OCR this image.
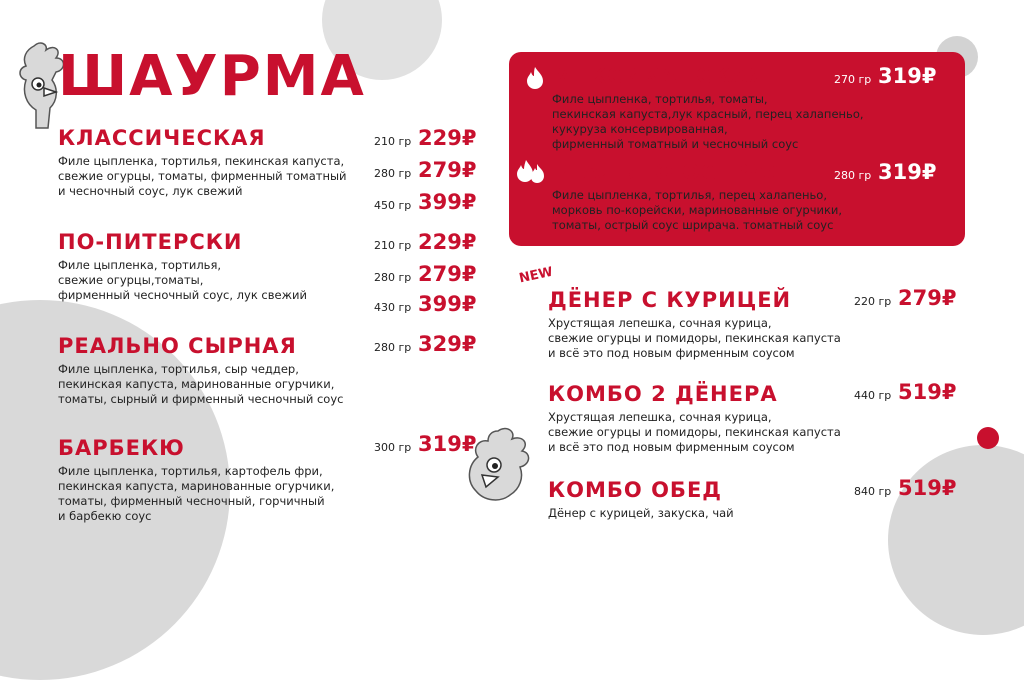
ШАУРМА
КЛАССИЧЕСКАЯ
Филе цыпленка, тортилья, пекинская капуста,
свежие огурцы, томаты, фирменный томатный
и чесночный соус, лук свежий
210 гр 229₽
280 гр 279₽
450 гр 399₽
ПО-ПИТЕРСКИ
Филе цыпленка, тортилья,
свежие огурцы,томаты,
фирменный чесночный соус, лук свежий
210 гр 229₽
280 гр 279₽
430 гр 399₽
РЕАЛЬНО СЫРНАЯ
Филе цыпленка, тортилья, сыр чеддер,
пекинская капуста, маринованные огурчики,
томаты, сырный и фирменный чесночный соус
280 гр 329₽
БАРБЕКЮ
Филе цыпленка, тортилья, картофель фри,
пекинская капуста, маринованные огурчики,
томаты, фирменный чесночный, горчичный
и барбекю соус
300 гр 319₽
МЕКСИКАНСКАЯ
Филе цыпленка, тортилья, томаты,
пекинская капуста,лук красный, перец халапеньо,
кукуруза консервированная,
фирменный томатный и чесночный соус
270 гр 319₽
РЕАЛЬНО ОСТРАЯ
Филе цыпленка, тортилья, перец халапеньо,
морковь по-корейски, маринованные огурчики,
томаты, острый соус шрирача. томатный соус
280 гр 319₽
NEW
ДЁНЕР С КУРИЦЕЙ
Хрустящая лепешка, сочная курица,
свежие огурцы и помидоры, пекинская капуста
и всё это под новым фирменным соусом
220 гр 279₽
КОМБО 2 ДЁНЕРА
Хрустящая лепешка, сочная курица,
свежие огурцы и помидоры, пекинская капуста
и всё это под новым фирменным соусом
440 гр 519₽
КОМБО ОБЕД
Дёнер с курицей, закуска, чай
840 гр 519₽
